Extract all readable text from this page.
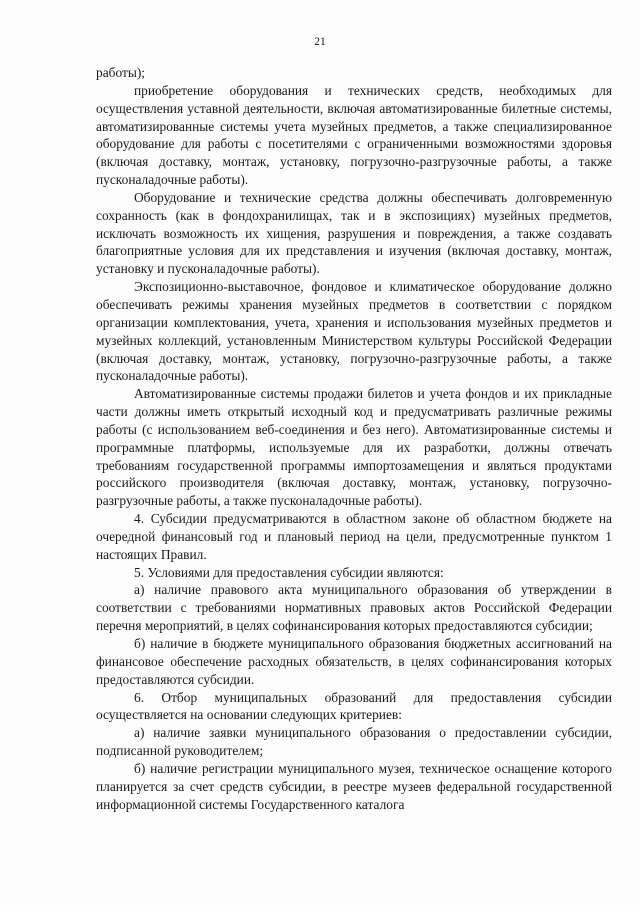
21

работы);

приобретение оборудования и технических средств, необходимых для осуществления уставной деятельности, включая автоматизированные билетные системы, автоматизированные системы учета музейных предметов, а также специализированное оборудование для работы с посетителями с ограниченными возможностями здоровья (включая доставку, монтаж, установку, погрузочно-разгрузочные работы, а также пусконаладочные работы).

Оборудование и технические средства должны обеспечивать долговременную сохранность (как в фондохранилищах, так и в экспозициях) музейных предметов, исключать возможность их хищения, разрушения и повреждения, а также создавать благоприятные условия для их представления и изучения (включая доставку, монтаж, установку и пусконаладочные работы).

Экспозиционно-выставочное, фондовое и климатическое оборудование должно обеспечивать режимы хранения музейных предметов в соответствии с порядком организации комплектования, учета, хранения и использования музейных предметов и музейных коллекций, установленным Министерством культуры Российской Федерации (включая доставку, монтаж, установку, погрузочно-разгрузочные работы, а также пусконаладочные работы).

Автоматизированные системы продажи билетов и учета фондов и их прикладные части должны иметь открытый исходный код и предусматривать различные режимы работы (с использованием веб-соединения и без него). Автоматизированные системы и программные платформы, используемые для их разработки, должны отвечать требованиям государственной программы импортозамещения и являться продуктами российского производителя (включая доставку, монтаж, установку, погрузочно-разгрузочные работы, а также пусконаладочные работы).

4. Субсидии предусматриваются в областном законе об областном бюджете на очередной финансовый год и плановый период на цели, предусмотренные пунктом 1 настоящих Правил.

5. Условиями для предоставления субсидии являются:

а) наличие правового акта муниципального образования об утверждении в соответствии с требованиями нормативных правовых актов Российской Федерации перечня мероприятий, в целях софинансирования которых предоставляются субсидии;

б) наличие в бюджете муниципального образования бюджетных ассигнований на финансовое обеспечение расходных обязательств, в целях софинансирования которых предоставляются субсидии.

6. Отбор муниципальных образований для предоставления субсидии осуществляется на основании следующих критериев:

а) наличие заявки муниципального образования о предоставлении субсидии, подписанной руководителем;

б) наличие регистрации муниципального музея, техническое оснащение которого планируется за счет средств субсидии, в реестре музеев федеральной государственной информационной системы Государственного каталога
